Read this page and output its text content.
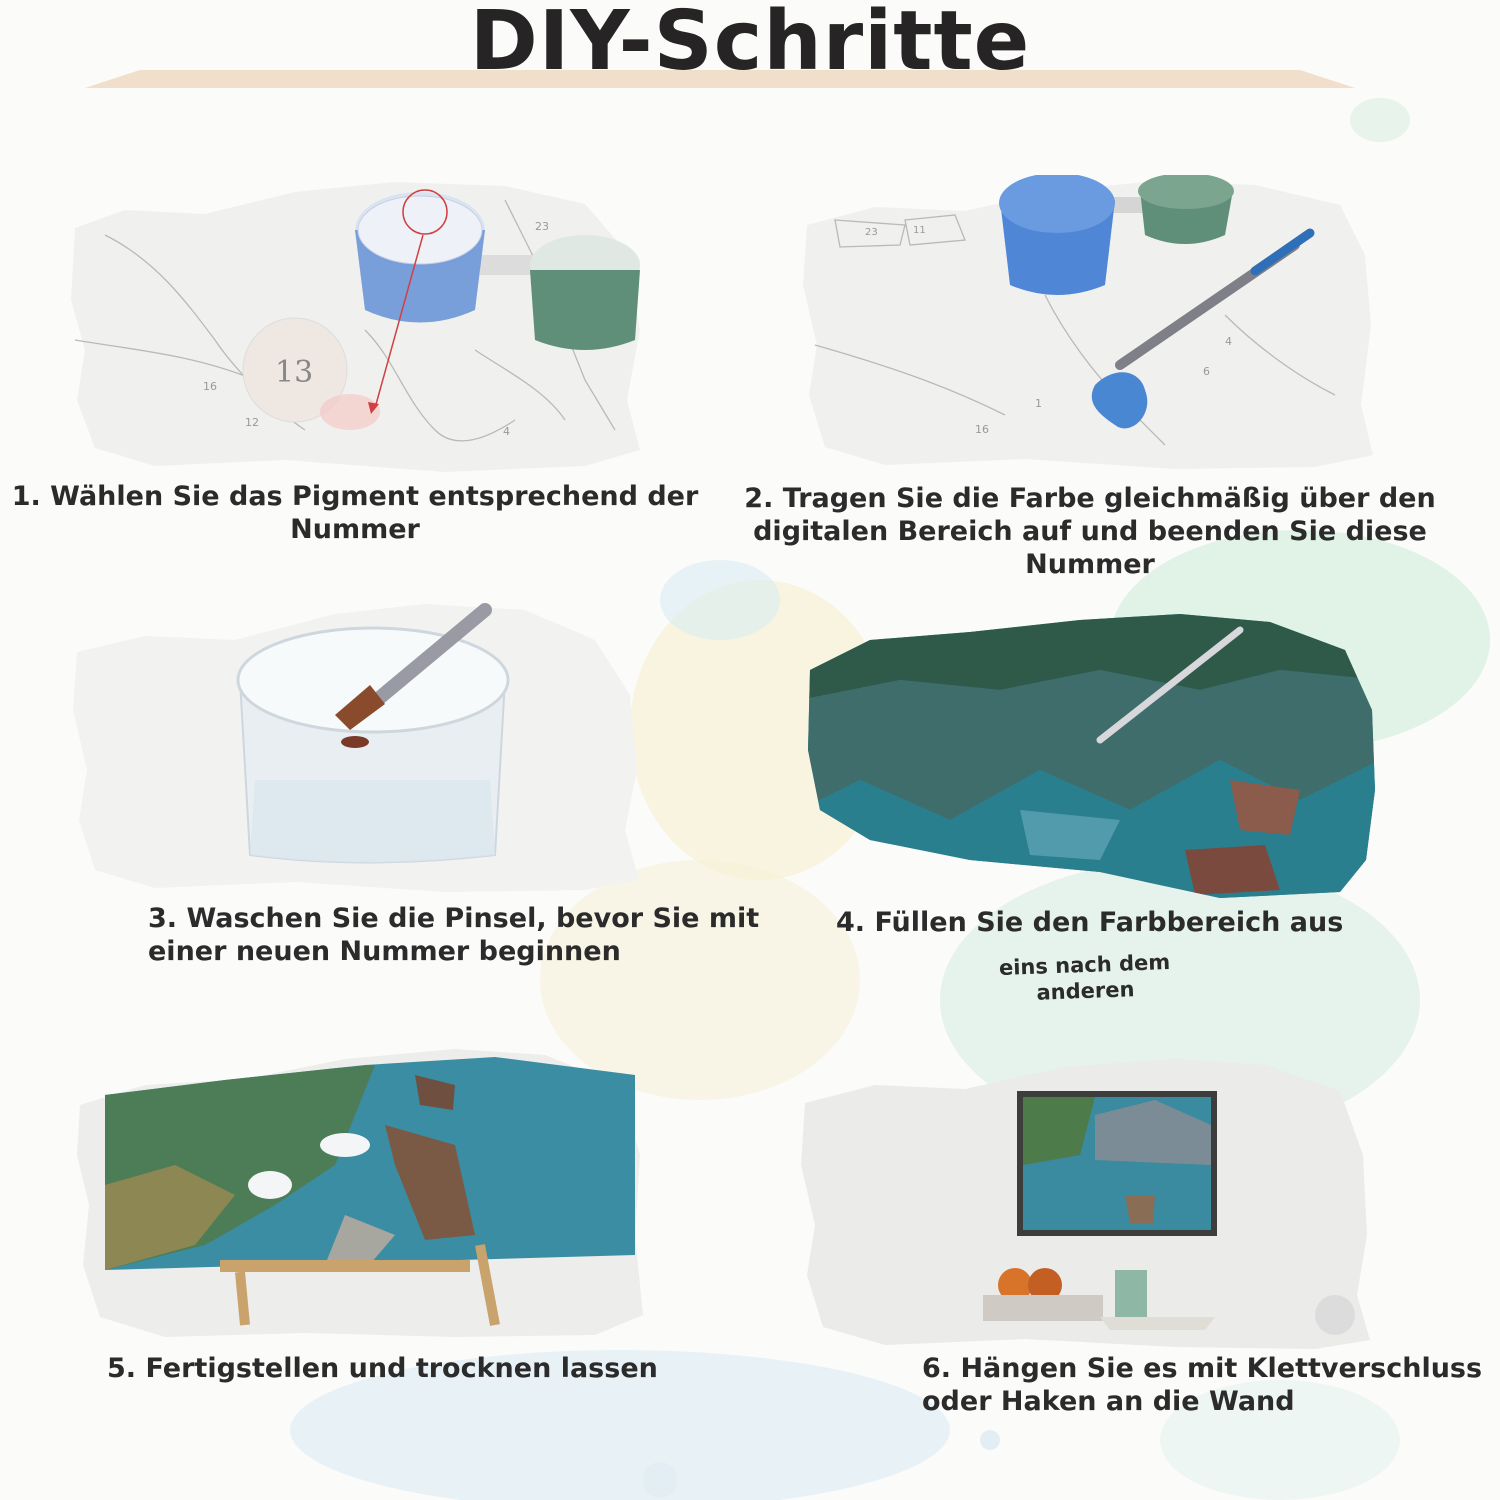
DIY-Schritte
16
12
23
4
13
1. Wählen Sie das Pigment entsprechend der
Nummer
23	11
1
6
4
16
2. Tragen Sie die Farbe gleichmäßig über den
digitalen Bereich auf und beenden Sie diese
Nummer
3. Waschen Sie die Pinsel, bevor Sie mit
einer neuen Nummer beginnen
4. Füllen Sie den Farbbereich aus
eins nach dem
anderen
5. Fertigstellen und trocknen lassen	6. Hängen Sie es mit Klettverschluss
oder Haken an die Wand
